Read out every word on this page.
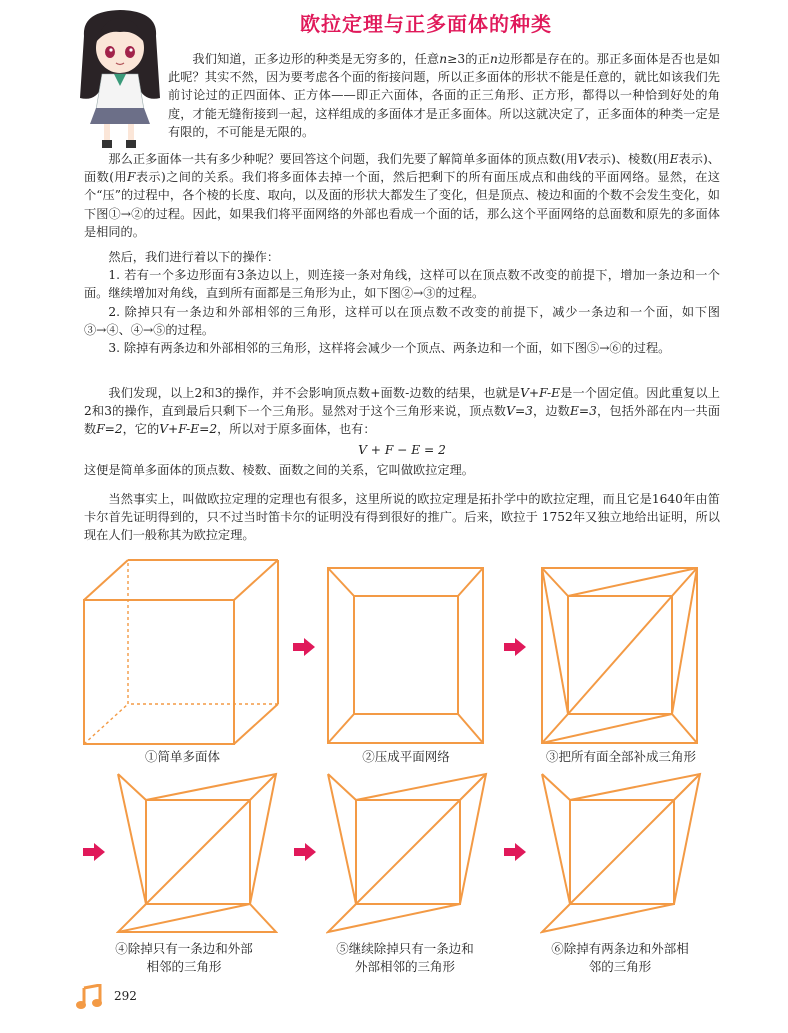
欧拉定理与正多面体的种类
我们知道，正多边形的种类是无穷多的，任意n≥3的正n边形都是存在的。那正多面体是否也是如此呢？其实不然，因为要考虑各个面的衔接问题，所以正多面体的形状不能是任意的，就比如该我们先前讨论过的正四面体、正方体——即正六面体，各面的正三角形、正方形，都得以一种恰到好处的角度，才能无缝衔接到一起，这样组成的多面体才是正多面体。所以这就决定了，正多面体的种类一定是有限的，不可能是无限的。
那么正多面体一共有多少种呢？要回答这个问题，我们先要了解简单多面体的顶点数(用V表示)、棱数(用E表示)、面数(用F表示)之间的关系。我们将多面体去掉一个面，然后把剩下的所有面压成点和曲线的平面网络。显然，在这个“压”的过程中，各个棱的长度、取向，以及面的形状大都发生了变化，但是顶点、棱边和面的个数不会发生变化，如下图①→②的过程。因此，如果我们将平面网络的外部也看成一个面的话，那么这个平面网络的总面数和原先的多面体是相同的。
然后，我们进行着以下的操作：
1. 若有一个多边形面有3条边以上，则连接一条对角线，这样可以在顶点数不改变的前提下，增加一条边和一个面。继续增加对角线，直到所有面都是三角形为止，如下图②→③的过程。
2. 除掉只有一条边和外部相邻的三角形，这样可以在顶点数不改变的前提下，减少一条边和一个面，如下图③→④、④→⑤的过程。
3. 除掉有两条边和外部相邻的三角形，这样将会减少一个顶点、两条边和一个面，如下图⑤→⑥的过程。
我们发现，以上2和3的操作，并不会影响顶点数+面数-边数的结果，也就是V+F-E是一个固定值。因此重复以上2和3的操作，直到最后只剩下一个三角形。显然对于这个三角形来说，顶点数V=3，边数E=3，包括外部在内一共面数F=2，它的V+F-E=2，所以对于原多面体，也有：
V + F − E = 2
这便是简单多面体的顶点数、棱数、面数之间的关系，它叫做欧拉定理。
当然事实上，叫做欧拉定理的定理也有很多，这里所说的欧拉定理是拓扑学中的欧拉定理，而且它是1640年由笛卡尔首先证明得到的，只不过当时笛卡尔的证明没有得到很好的推广。后来，欧拉于 1752年又独立地给出证明，所以现在人们一般称其为欧拉定理。
①简单多面体	②压成平面网络	③把所有面全部补成三角形
④除掉只有一条边和外部
相邻的三角形
⑤继续除掉只有一条边和
外部相邻的三角形
⑥除掉有两条边和外部相
邻的三角形
292
